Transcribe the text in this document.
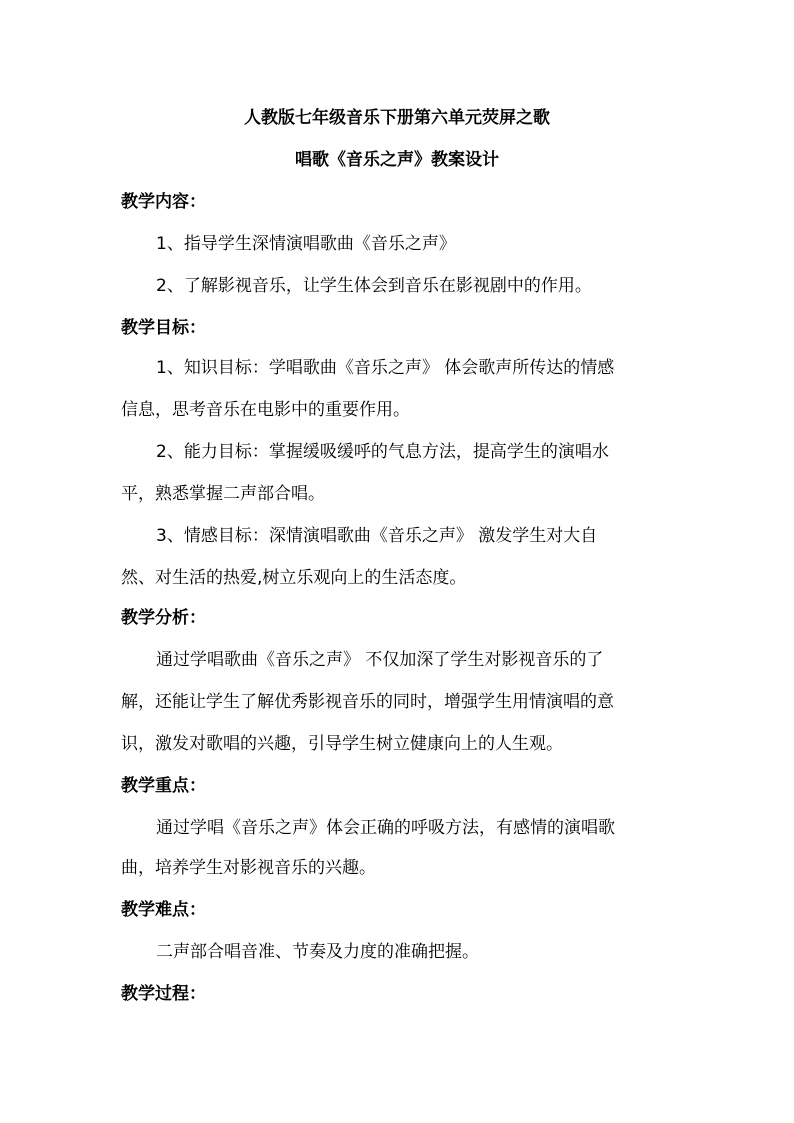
人教版七年级音乐下册第六单元荧屏之歌
唱歌《音乐之声》教案设计
教学内容：
1、指导学生深情演唱歌曲《音乐之声》
2、了解影视音乐，让学生体会到音乐在影视剧中的作用。
教学目标：
1、知识目标：学唱歌曲《音乐之声》 体会歌声所传达的情感
信息，思考音乐在电影中的重要作用。
2、能力目标：掌握缓吸缓呼的气息方法，提高学生的演唱水
平，熟悉掌握二声部合唱。
3、情感目标：深情演唱歌曲《音乐之声》 激发学生对大自
然、对生活的热爱,树立乐观向上的生活态度。
教学分析：
通过学唱歌曲《音乐之声》 不仅加深了学生对影视音乐的了
解，还能让学生了解优秀影视音乐的同时，增强学生用情演唱的意
识，激发对歌唱的兴趣，引导学生树立健康向上的人生观。
教学重点：
通过学唱《音乐之声》体会正确的呼吸方法，有感情的演唱歌
曲，培养学生对影视音乐的兴趣。
教学难点：
二声部合唱音准、节奏及力度的准确把握。
教学过程：
